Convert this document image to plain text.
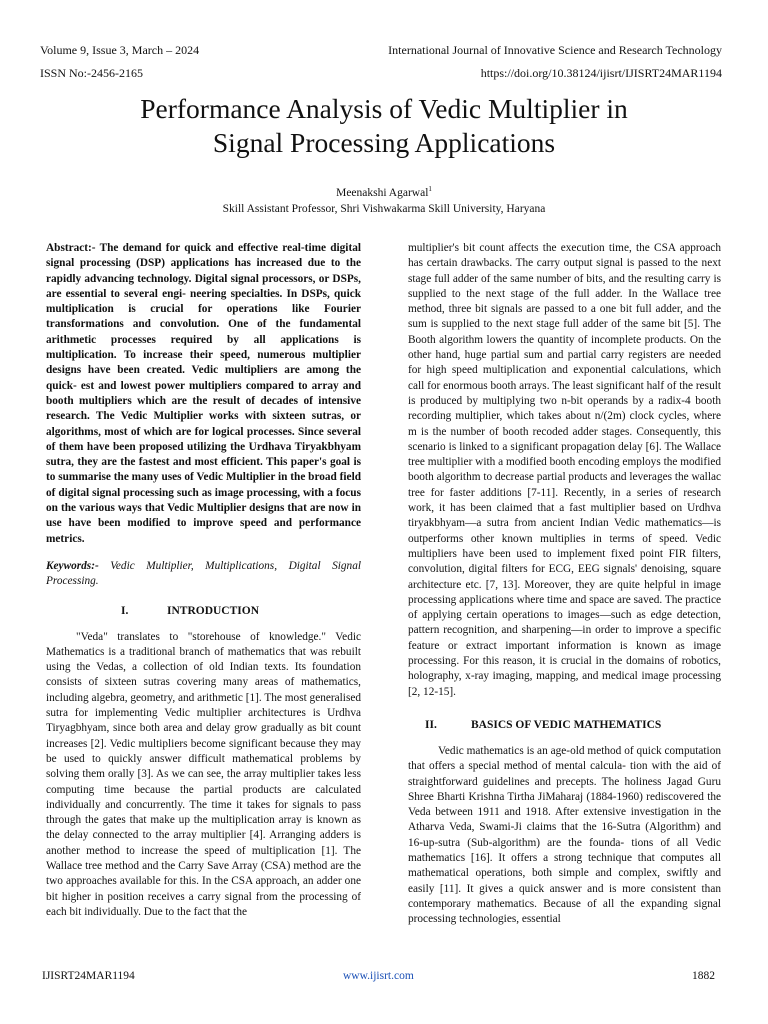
Volume 9, Issue 3, March – 2024	International Journal of Innovative Science and Research Technology
ISSN No:-2456-2165	https://doi.org/10.38124/ijisrt/IJISRT24MAR1194
Performance Analysis of Vedic Multiplier in
Signal Processing Applications
Meenakshi Agarwal$^1$
Skill Assistant Professor, Shri Vishwakarma Skill University, Haryana

Abstract:- The demand for quick and effective real-time digital signal processing (DSP) applications has increased due to the rapidly advancing technology. Digital signal processors, or DSPs, are essential to several engi- neering specialties. In DSPs, quick multiplication is crucial for operations like Fourier transformations and convolution. One of the fundamental arithmetic processes required by all applications is multiplication. To increase their speed, numerous multiplier designs have been created. Vedic multipliers are among the quick- est and lowest power multipliers compared to array and booth multipliers which are the result of decades of intensive research. The Vedic Multiplier works with sixteen sutras, or algorithms, most of which are for logical processes. Since several of them have been proposed utilizing the Urdhava Tiryakbhyam sutra, they are the fastest and most efficient. This paper's goal is to summarise the many uses of Vedic Multiplier in the broad field of digital signal processing such as image processing, with a focus on the various ways that Vedic Multiplier designs that are now in use have been modified to improve speed and performance metrics.

Keywords:- Vedic Multiplier, Multiplications, Digital Signal Processing.

I.	INTRODUCTION

"Veda" translates to "storehouse of knowledge." Vedic Mathematics is a traditional branch of mathematics that was rebuilt using the Vedas, a collection of old Indian texts. Its foundation consists of sixteen sutras covering many areas of mathematics, including algebra, geometry, and arithmetic [1]. The most generalised sutra for implementing Vedic multiplier architectures is Urdhva Tiryagbhyam, since both area and delay grow gradually as bit count increases [2]. Vedic multipliers become significant because they may be used to quickly answer difficult mathematical problems by solving them orally [3]. As we can see, the array multiplier takes less computing time because the partial products are calculated individually and concurrently. The time it takes for signals to pass through the gates that make up the multiplication array is known as the delay connected to the array multiplier [4]. Arranging adders is another method to increase the speed of multiplication [1]. The Wallace tree method and the Carry Save Array (CSA) method are the two approaches available for this. In the CSA approach, an adder one bit higher in position receives a carry signal from the processing of each bit individually. Due to the fact that the

multiplier's bit count affects the execution time, the CSA approach has certain drawbacks. The carry output signal is passed to the next stage full adder of the same number of bits, and the resulting carry is supplied to the next stage of the full adder. In the Wallace tree method, three bit signals are passed to a one bit full adder, and the sum is supplied to the next stage full adder of the same bit [5]. The Booth algorithm lowers the quantity of incomplete products. On the other hand, huge partial sum and partial carry registers are needed for high speed multiplication and exponential calculations, which call for enormous booth arrays. The least significant half of the result is produced by multiplying two n-bit operands by a radix-4 booth recording multiplier, which takes about n/(2m) clock cycles, where m is the number of booth recoded adder stages. Consequently, this scenario is linked to a significant propagation delay [6]. The Wallace tree multiplier with a modified booth encoding employs the modified booth algorithm to decrease partial products and leverages the wallac tree for faster additions [7-11]. Recently, in a series of research work, it has been claimed that a fast multiplier based on Urdhva tiryakbhyam—a sutra from ancient Indian Vedic mathematics—is outperforms other known multiplies in terms of speed. Vedic multipliers have been used to implement fixed point FIR filters, convolution, digital filters for ECG, EEG signals' denoising, square architecture etc. [7, 13]. Moreover, they are quite helpful in image processing applications where time and space are saved. The practice of applying certain operations to images—such as edge detection, pattern recognition, and sharpening—in order to improve a specific feature or extract important information is known as image processing. For this reason, it is crucial in the domains of robotics, holography, x-ray imaging, mapping, and medical image processing [2, 12-15].

II.	BASICS OF VEDIC MATHEMATICS

Vedic mathematics is an age-old method of quick computation that offers a special method of mental calcula- tion with the aid of straightforward guidelines and precepts. The holiness Jagad Guru Shree Bharti Krishna Tirtha JiMaharaj (1884-1960) rediscovered the Veda between 1911 and 1918. After extensive investigation in the Atharva Veda, Swami-Ji claims that the 16-Sutra (Algorithm) and 16-up-sutra (Sub-algorithm) are the founda- tions of all Vedic mathematics [16]. It offers a strong technique that computes all mathematical operations, both simple and complex, swiftly and easily [11]. It gives a quick answer and is more consistent than contemporary mathematics. Because of all the expanding signal processing technologies, essential

IJISRT24MAR1194	www.ijisrt.com	1882
